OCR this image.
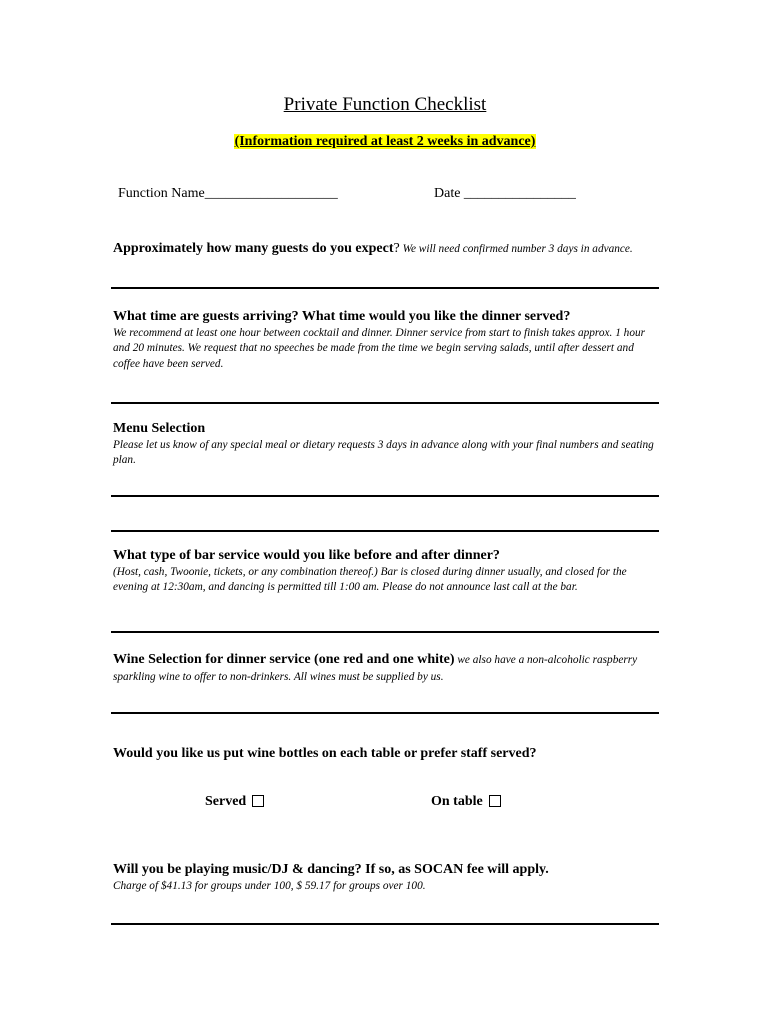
Private Function Checklist
(Information required at least 2 weeks in advance)
Function Name___________________	Date ________________
Approximately how many guests do you expect? We will need confirmed number 3 days in advance.
What time are guests arriving? What time would you like the dinner served?
We recommend at least one hour between cocktail and dinner. Dinner service from start to finish takes approx. 1 hour and 20 minutes. We request that no speeches be made from the time we begin serving salads, until after dessert and coffee have been served.
Menu Selection
Please let us know of any special meal or dietary requests 3 days in advance along with your final numbers and seating plan.
What type of bar service would you like before and after dinner?
(Host, cash, Twoonie, tickets, or any combination thereof.) Bar is closed during dinner usually, and closed for the evening at 12:30am, and dancing is permitted till 1:00 am. Please do not announce last call at the bar.
Wine Selection for dinner service (one red and one white) we also have a non-alcoholic raspberry sparkling wine to offer to non-drinkers. All wines must be supplied by us.
Would you like us put wine bottles on each table or prefer staff served?
Served	On table
Will you be playing music/DJ & dancing? If so, as SOCAN fee will apply.
Charge of $41.13 for groups under 100, $ 59.17 for groups over 100.
